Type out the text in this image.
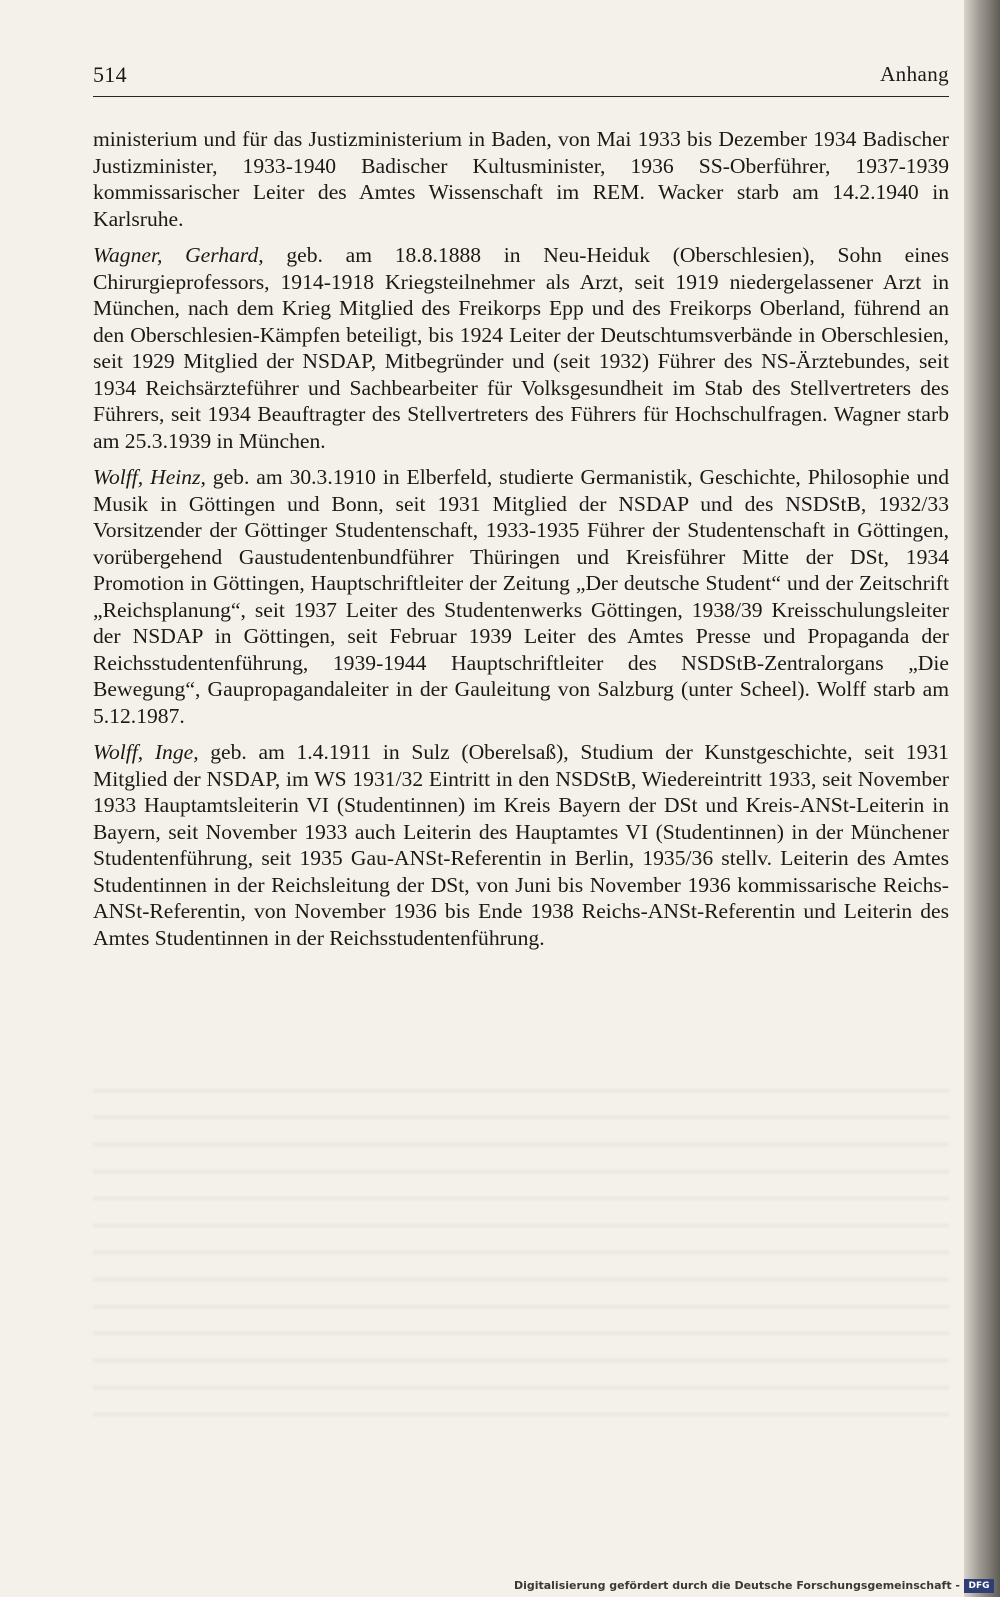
514	Anhang

ministerium und für das Justizministerium in Baden, von Mai 1933 bis Dezember 1934 Badischer Justizminister, 1933-1940 Badischer Kultusminister, 1936 SS-Oberführer, 1937-1939 kommissarischer Leiter des Amtes Wissenschaft im REM. Wacker starb am 14.2.1940 in Karlsruhe.

Wagner, Gerhard, geb. am 18.8.1888 in Neu-Heiduk (Oberschlesien), Sohn eines Chirurgieprofessors, 1914-1918 Kriegsteilnehmer als Arzt, seit 1919 niedergelassener Arzt in München, nach dem Krieg Mitglied des Freikorps Epp und des Freikorps Oberland, führend an den Oberschlesien-Kämpfen beteiligt, bis 1924 Leiter der Deutschtumsverbände in Oberschlesien, seit 1929 Mitglied der NSDAP, Mitbegründer und (seit 1932) Führer des NS-Ärztebundes, seit 1934 Reichsärzteführer und Sachbearbeiter für Volksgesundheit im Stab des Stellvertreters des Führers, seit 1934 Beauftragter des Stellvertreters des Führers für Hochschulfragen. Wagner starb am 25.3.1939 in München.

Wolff, Heinz, geb. am 30.3.1910 in Elberfeld, studierte Germanistik, Geschichte, Philosophie und Musik in Göttingen und Bonn, seit 1931 Mitglied der NSDAP und des NSDStB, 1932/33 Vorsitzender der Göttinger Studentenschaft, 1933-1935 Führer der Studentenschaft in Göttingen, vorübergehend Gaustudentenbundführer Thüringen und Kreisführer Mitte der DSt, 1934 Promotion in Göttingen, Hauptschriftleiter der Zeitung „Der deutsche Student“ und der Zeitschrift „Reichsplanung“, seit 1937 Leiter des Studentenwerks Göttingen, 1938/39 Kreisschulungsleiter der NSDAP in Göttingen, seit Februar 1939 Leiter des Amtes Presse und Propaganda der Reichsstudentenführung, 1939-1944 Hauptschriftleiter des NSDStB-Zentralorgans „Die Bewegung“, Gaupropagandaleiter in der Gauleitung von Salzburg (unter Scheel). Wolff starb am 5.12.1987.

Wolff, Inge, geb. am 1.4.1911 in Sulz (Oberelsaß), Studium der Kunstgeschichte, seit 1931 Mitglied der NSDAP, im WS 1931/32 Eintritt in den NSDStB, Wiedereintritt 1933, seit November 1933 Hauptamtsleiterin VI (Studentinnen) im Kreis Bayern der DSt und Kreis-ANSt-Leiterin in Bayern, seit November 1933 auch Leiterin des Hauptamtes VI (Studentinnen) in der Münchener Studentenführung, seit 1935 Gau-ANSt-Referentin in Berlin, 1935/36 stellv. Leiterin des Amtes Studentinnen in der Reichsleitung der DSt, von Juni bis November 1936 kommissarische Reichs-ANSt-Referentin, von November 1936 bis Ende 1938 Reichs-ANSt-Referentin und Leiterin des Amtes Studentinnen in der Reichsstudentenführung.

Digitalisierung gefördert durch die Deutsche Forschungsgemeinschaft - DFG
